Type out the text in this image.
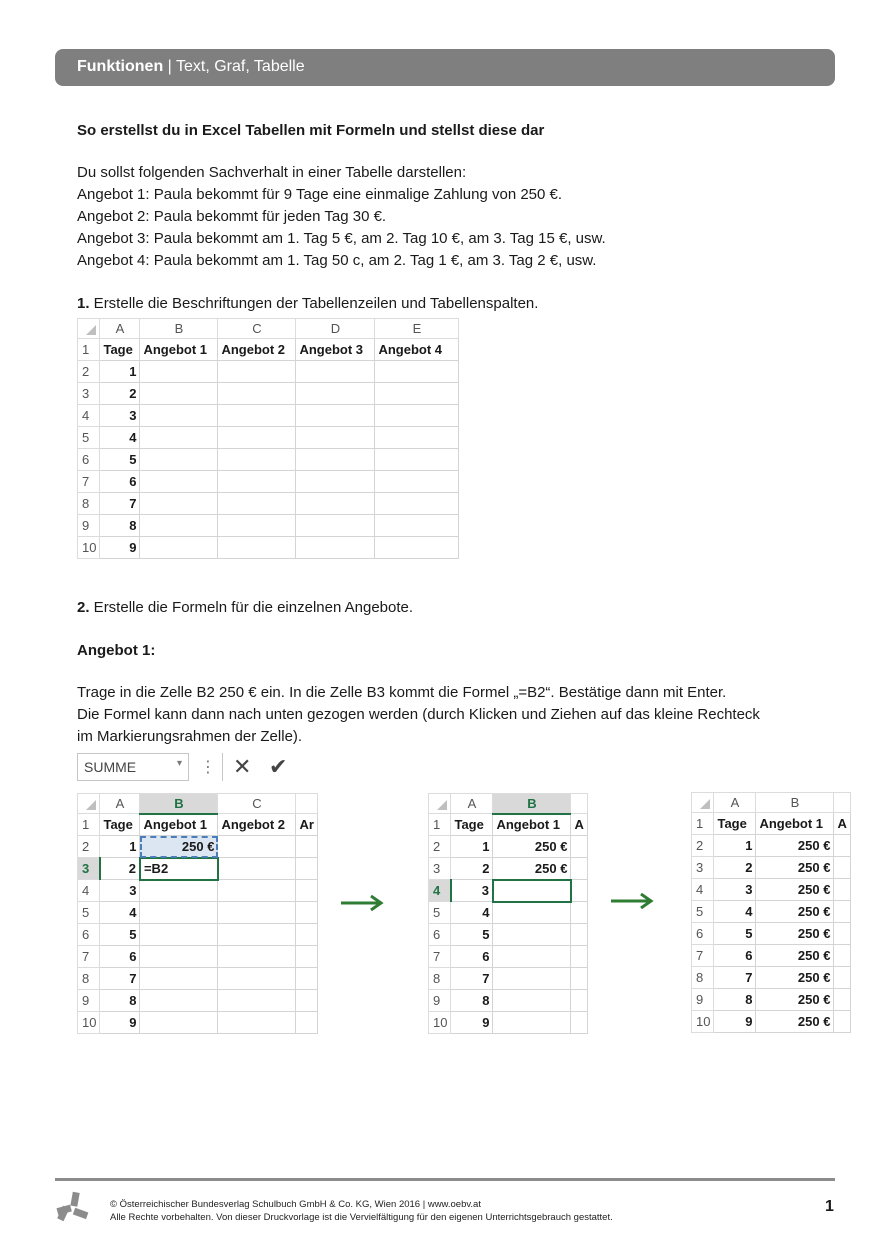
Funktionen | Text, Graf, Tabelle
So erstellst du in Excel Tabellen mit Formeln und stellst diese dar
Du sollst folgenden Sachverhalt in einer Tabelle darstellen:
Angebot 1: Paula bekommt für 9 Tage eine einmalige Zahlung von 250 €.
Angebot 2: Paula bekommt für jeden Tag 30 €.
Angebot 3: Paula bekommt am 1. Tag 5 €, am 2. Tag 10 €, am 3. Tag 15 €, usw.
Angebot 4: Paula bekommt am 1. Tag 50 c, am 2. Tag 1 €, am 3. Tag 2 €, usw.
1. Erstelle die Beschriftungen der Tabellenzeilen und Tabellenspalten.
	A	B	C	D	E
1	Tage	Angebot 1	Angebot 2	Angebot 3	Angebot 4
2	1				
3	2				
4	3				
5	4				
6	5				
7	6				
8	7				
9	8				
10	9				
2. Erstelle die Formeln für die einzelnen Angebote.
Angebot 1:
Trage in die Zelle B2 250 € ein. In die Zelle B3 kommt die Formel „=B2“. Bestätige dann mit Enter.
Die Formel kann dann nach unten gezogen werden (durch Klicken und Ziehen auf das kleine Rechteck
im Markierungsrahmen der Zelle).
SUMME	▾ ⋮ ✕ ✔
	A	B	C	
1	Tage	Angebot 1	Angebot 2	Ar
2	1	250 €		
3	2	=B2		
4	3			
5	4			
6	5			
7	6			
8	7			
9	8			
10	9			
	A	B	
1	Tage	Angebot 1	A
2	1	250 €	
3	2	250 €	
4	3		
5	4		
6	5		
7	6		
8	7		
9	8		
10	9		
	A	B	
1	Tage	Angebot 1	A
2	1	250 €	
3	2	250 €	
4	3	250 €	
5	4	250 €	
6	5	250 €	
7	6	250 €	
8	7	250 €	
9	8	250 €	
10	9	250 €	
© Österreichischer Bundesverlag Schulbuch GmbH & Co. KG, Wien 2016 | www.oebv.at
Alle Rechte vorbehalten. Von dieser Druckvorlage ist die Vervielfältigung für den eigenen Unterrichtsgebrauch gestattet.
1
